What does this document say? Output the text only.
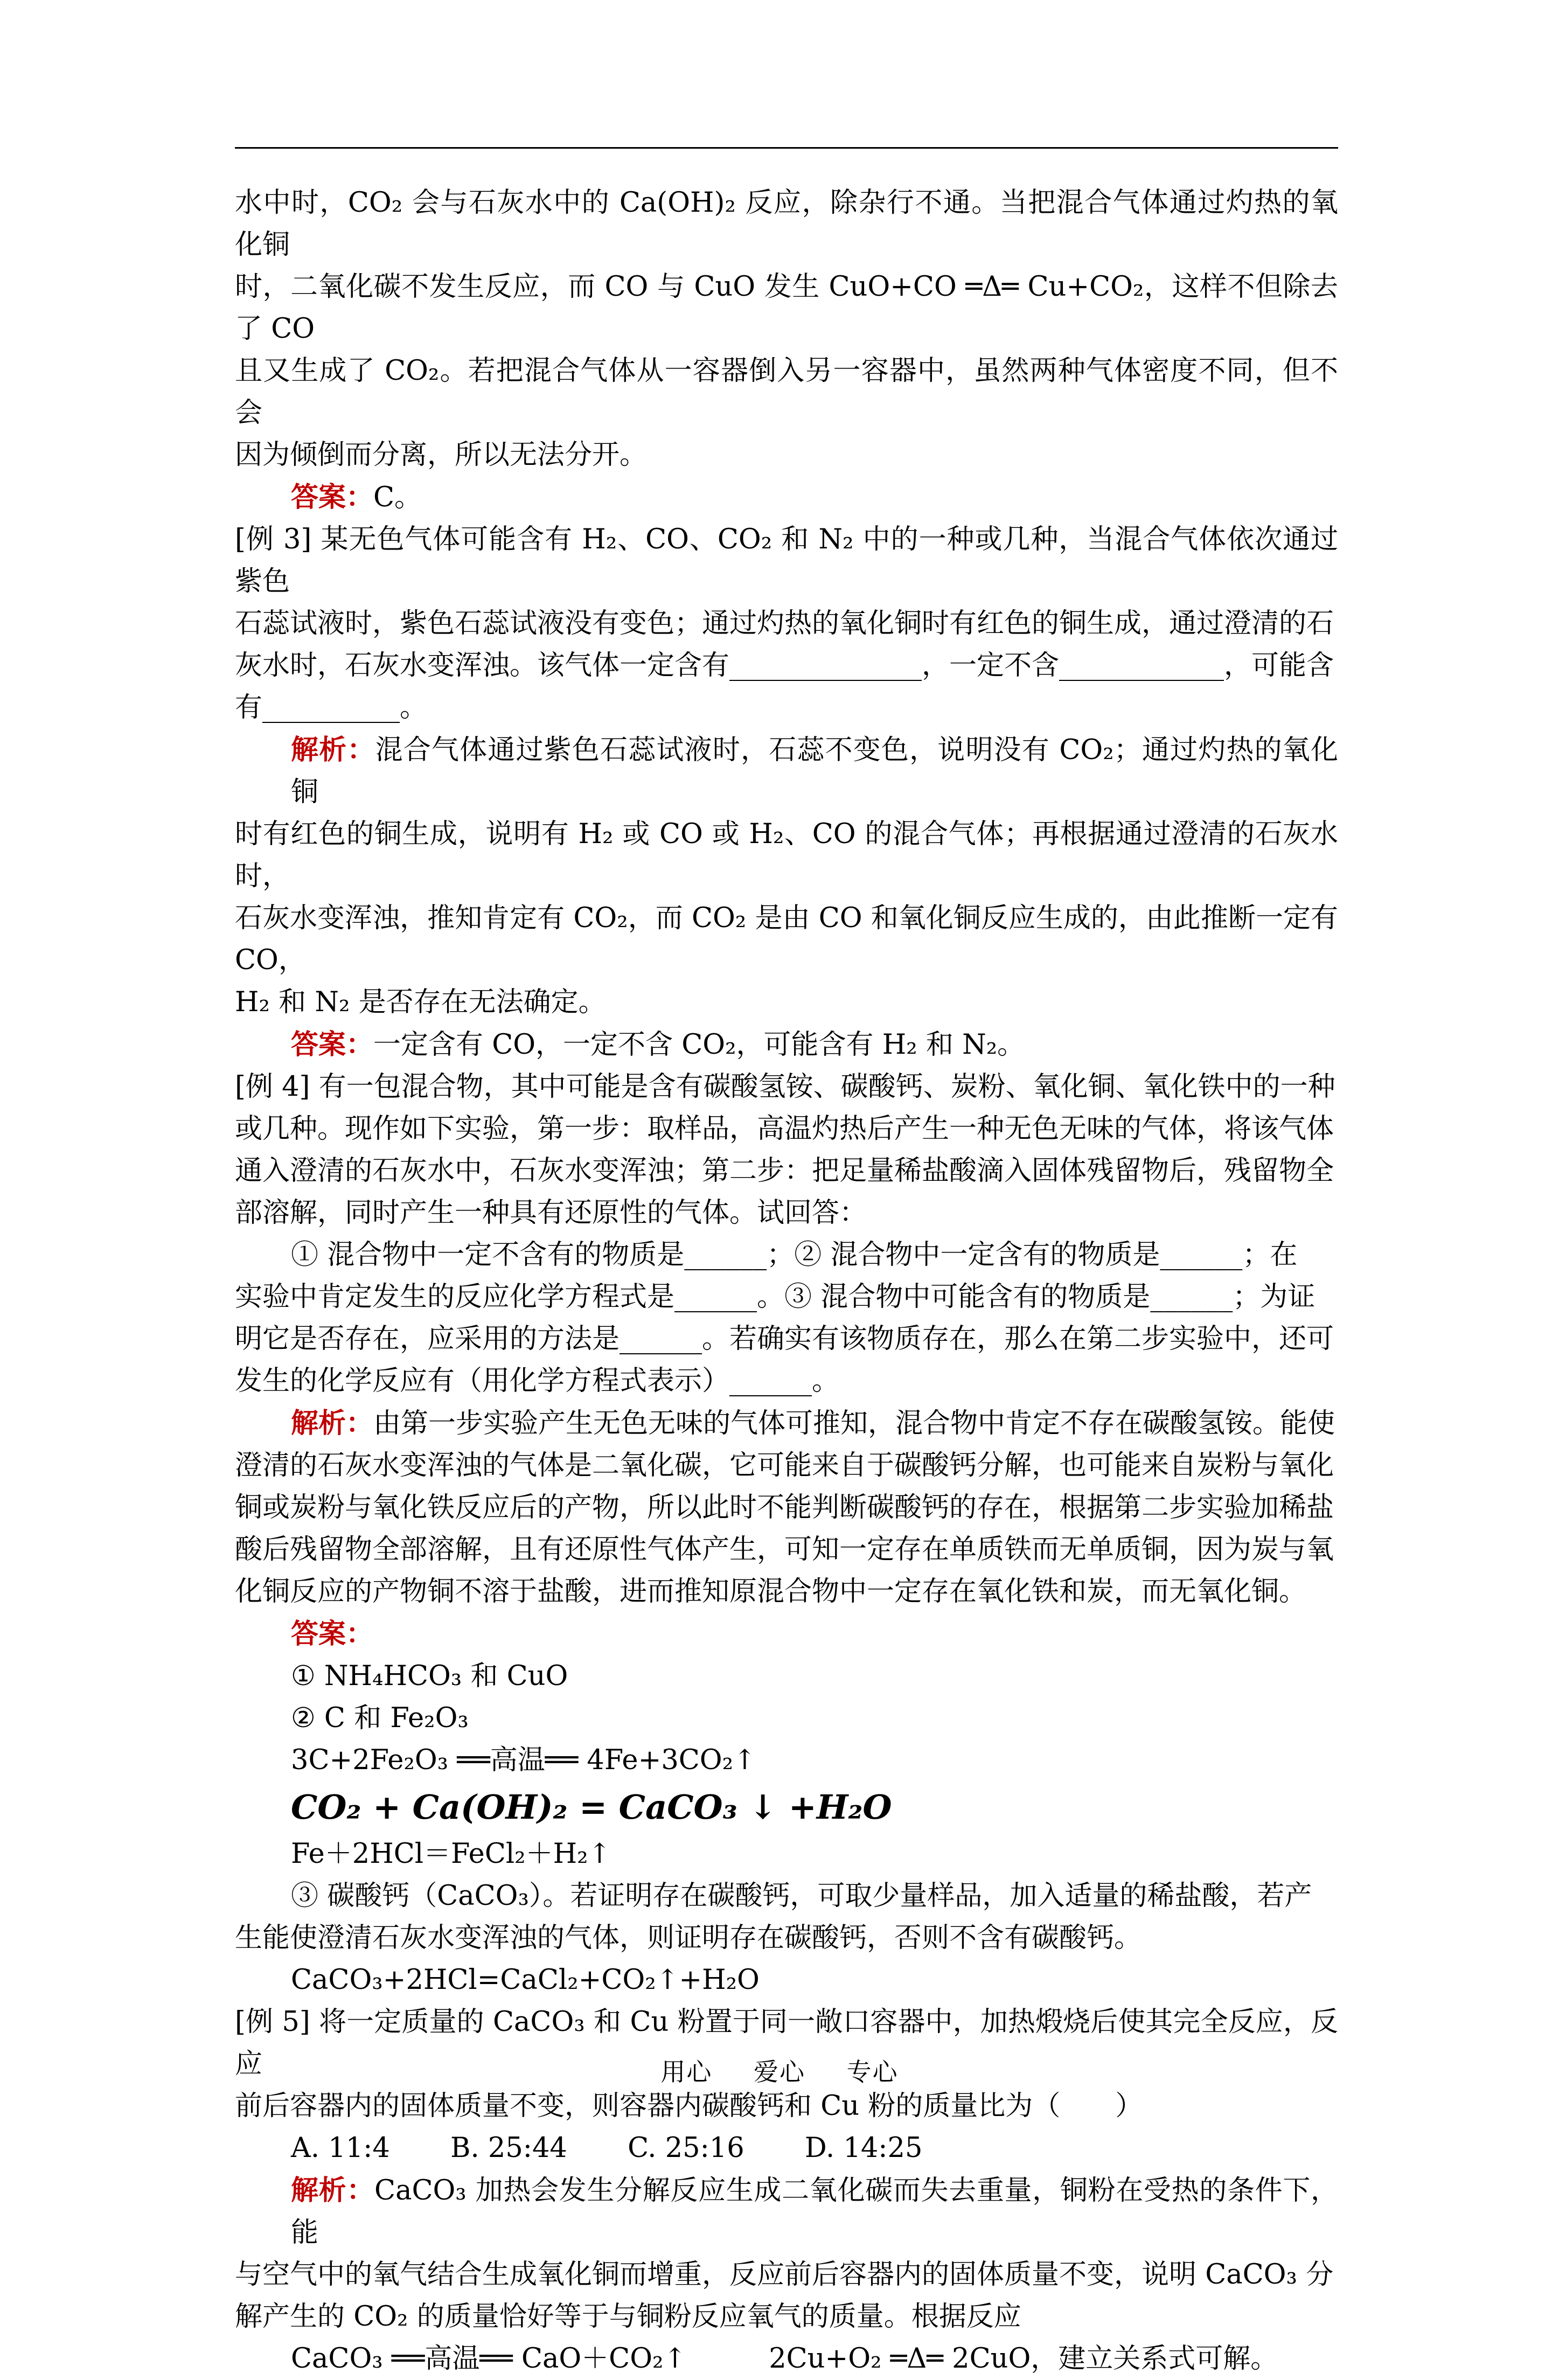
水中时，CO₂ 会与石灰水中的 Ca(OH)₂ 反应，除杂行不通。当把混合气体通过灼热的氧化铜

时，二氧化碳不发生反应，而 CO 与 CuO 发生 CuO+CO ═Δ═ Cu+CO₂，这样不但除去了 CO

且又生成了 CO₂。若把混合气体从一容器倒入另一容器中，虽然两种气体密度不同，但不会

因为倾倒而分离，所以无法分开。

答案：C。

[例 3] 某无色气体可能含有 H₂、CO、CO₂ 和 N₂ 中的一种或几种，当混合气体依次通过紫色

石蕊试液时，紫色石蕊试液没有变色；通过灼热的氧化铜时有红色的铜生成，通过澄清的石

灰水时，石灰水变浑浊。该气体一定含有______________，一定不含____________，可能含

有__________。

解析：混合气体通过紫色石蕊试液时，石蕊不变色，说明没有 CO₂；通过灼热的氧化铜

时有红色的铜生成，说明有 H₂ 或 CO 或 H₂、CO 的混合气体；再根据通过澄清的石灰水时，

石灰水变浑浊，推知肯定有 CO₂，而 CO₂ 是由 CO 和氧化铜反应生成的，由此推断一定有 CO，

H₂ 和 N₂ 是否存在无法确定。

答案：一定含有 CO，一定不含 CO₂，可能含有 H₂ 和 N₂。

[例 4] 有一包混合物，其中可能是含有碳酸氢铵、碳酸钙、炭粉、氧化铜、氧化铁中的一种

或几种。现作如下实验，第一步：取样品，高温灼热后产生一种无色无味的气体，将该气体

通入澄清的石灰水中，石灰水变浑浊；第二步：把足量稀盐酸滴入固体残留物后，残留物全

部溶解，同时产生一种具有还原性的气体。试回答：

① 混合物中一定不含有的物质是______；② 混合物中一定含有的物质是______；在

实验中肯定发生的反应化学方程式是______。③ 混合物中可能含有的物质是______；为证

明它是否存在，应采用的方法是______。若确实有该物质存在，那么在第二步实验中，还可

发生的化学反应有（用化学方程式表示）______。

解析：由第一步实验产生无色无味的气体可推知，混合物中肯定不存在碳酸氢铵。能使

澄清的石灰水变浑浊的气体是二氧化碳，它可能来自于碳酸钙分解，也可能来自炭粉与氧化

铜或炭粉与氧化铁反应后的产物，所以此时不能判断碳酸钙的存在，根据第二步实验加稀盐

酸后残留物全部溶解，且有还原性气体产生，可知一定存在单质铁而无单质铜，因为炭与氧

化铜反应的产物铜不溶于盐酸，进而推知原混合物中一定存在氧化铁和炭，而无氧化铜。

答案：

① NH₄HCO₃ 和 CuO

② C 和 Fe₂O₃

3C+2Fe₂O₃ ══高温══ 4Fe+3CO₂↑

CO₂ + Ca(OH)₂ = CaCO₃ ↓ +H₂O

Fe＋2HCl＝FeCl₂＋H₂↑

③ 碳酸钙（CaCO₃）。若证明存在碳酸钙，可取少量样品，加入适量的稀盐酸，若产

生能使澄清石灰水变浑浊的气体，则证明存在碳酸钙，否则不含有碳酸钙。

CaCO₃+2HCl=CaCl₂+CO₂↑+H₂O

[例 5] 将一定质量的 CaCO₃ 和 Cu 粉置于同一敞口容器中，加热煅烧后使其完全反应，反应

前后容器内的固体质量不变，则容器内碳酸钙和 Cu 粉的质量比为（　　）

A. 11:4 B. 25:44 C. 25:16 D. 14:25

解析：CaCO₃ 加热会发生分解反应生成二氧化碳而失去重量，铜粉在受热的条件下，能

与空气中的氧气结合生成氧化铜而增重，反应前后容器内的固体质量不变，说明 CaCO₃ 分

解产生的 CO₂ 的质量恰好等于与铜粉反应氧气的质量。根据反应

CaCO₃ ══高温══ CaO＋CO₂↑　　　2Cu+O₂ ═Δ═ 2CuO，建立关系式可解。

用心 爱心 专心
